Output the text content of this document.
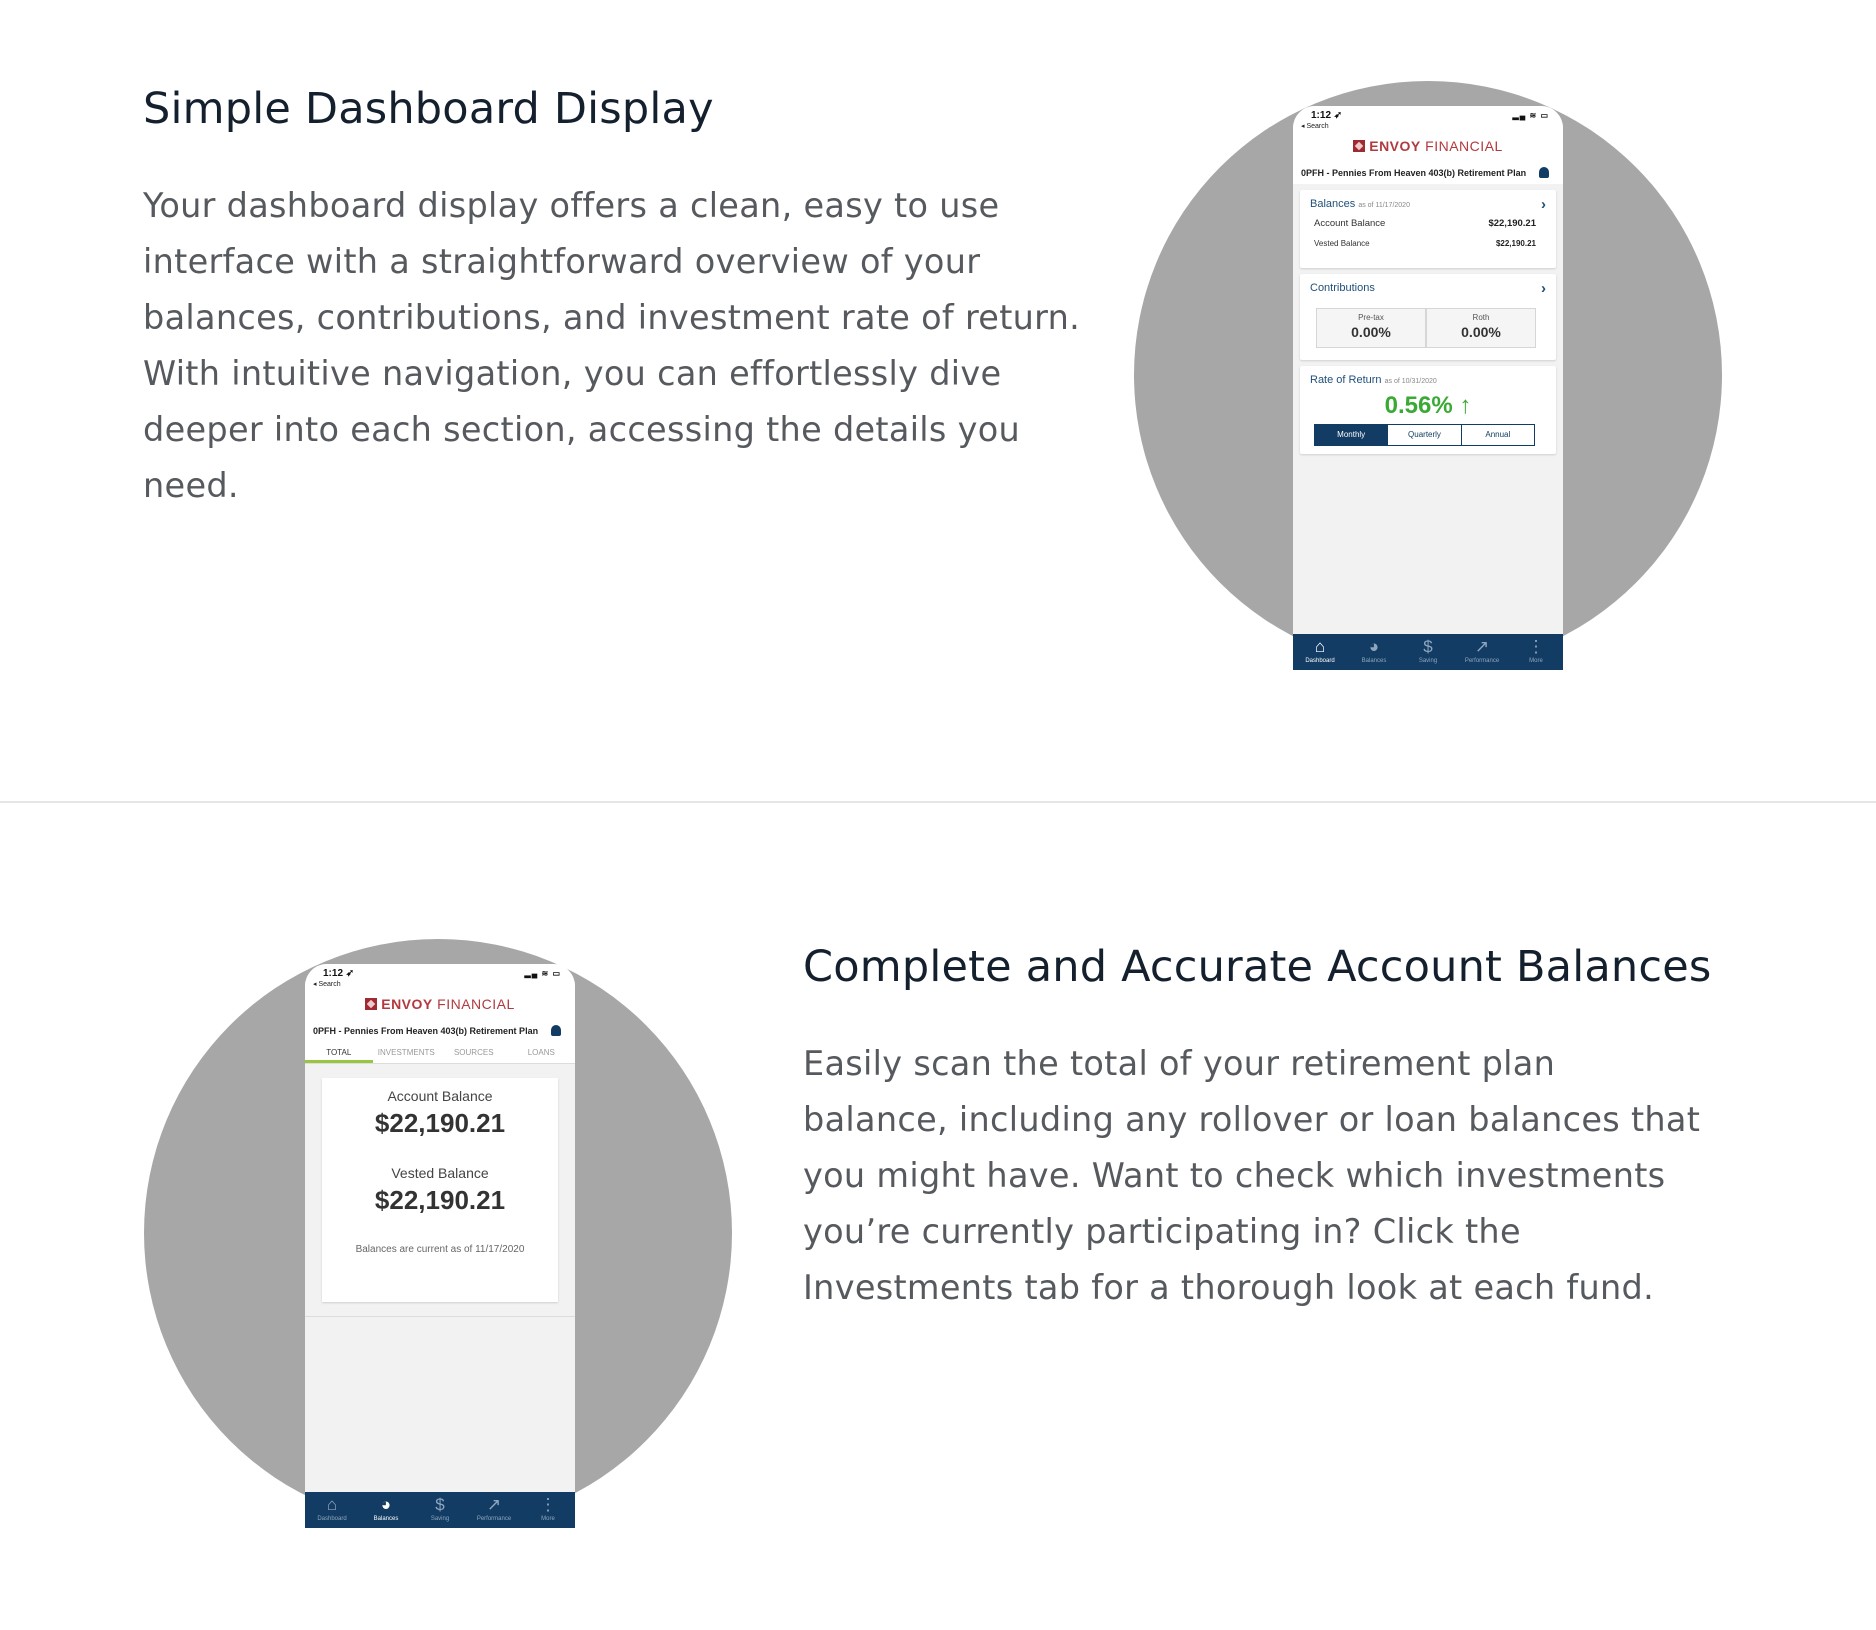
Simple Dashboard Display

Your dashboard display offers a clean, easy to use interface with a straightforward overview of your balances, contributions, and investment rate of return. With intuitive navigation, you can effortlessly dive deeper into each section, accessing the details you need.

1:12 ➶
◂ Search
▂▄ ≋ ▭
ENVOY FINANCIAL
0PFH - Pennies From Heaven 403(b) Retirement Plan
Balances as of 11/17/2020	›
Account Balance	$22,190.21
Vested Balance	$22,190.21
Contributions	›
Pre-tax
0.00%
Roth
0.00%
Rate of Return as of 10/31/2020
0.56% ↑
Monthly	Quarterly	Annual
⌂
Dashboard
◕
Balances
$
Saving
↗
Performance
⋮
More
1:12 ➶
◂ Search
▂▄ ≋ ▭
ENVOY FINANCIAL
0PFH - Pennies From Heaven 403(b) Retirement Plan
TOTAL	INVESTMENTS	SOURCES	LOANS
Account Balance
$22,190.21
Vested Balance
$22,190.21
Balances are current as of 11/17/2020
⌂
Dashboard
◕
Balances
$
Saving
↗
Performance
⋮
More
Complete and Accurate Account Balances

Easily scan the total of your retirement plan balance, including any rollover or loan balances that you might have. Want to check which investments you’re currently participating in? Click the Investments tab for a thorough look at each fund.
